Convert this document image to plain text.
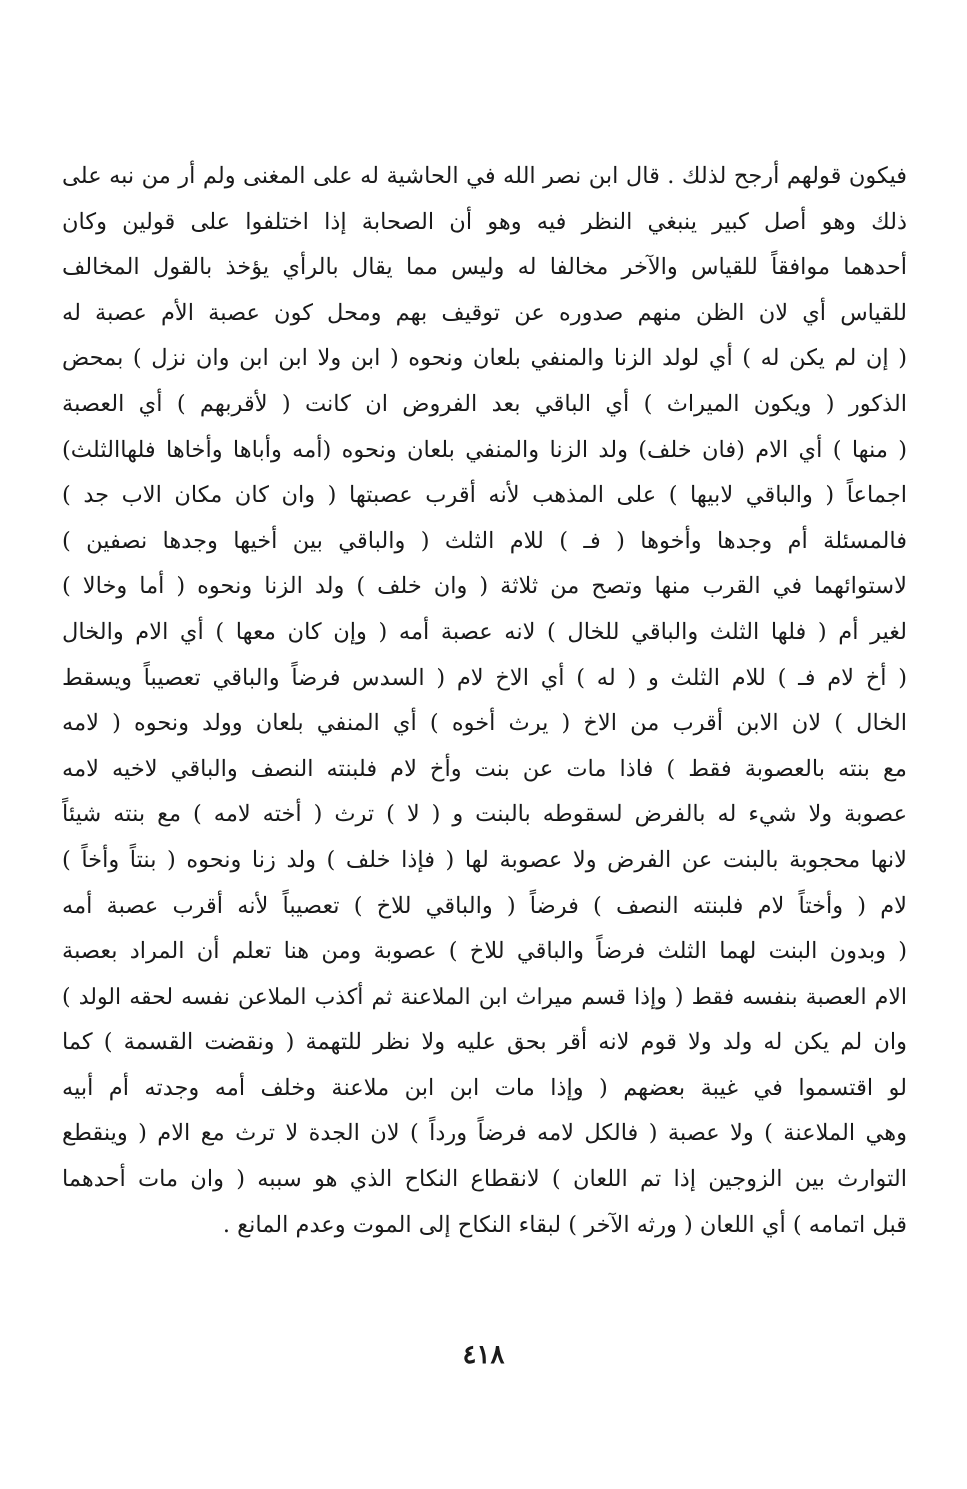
فيكون قولهم أرجح لذلك . قال ابن نصر الله في الحاشية له على المغنى ولم أر من نبه على
ذلك وهو أصل كبير ينبغي النظر فيه وهو أن الصحابة إذا اختلفوا على قولين وكان
أحدهما موافقاً للقياس والآخر مخالفا له وليس مما يقال بالرأي يؤخذ بالقول المخالف
للقياس أي لان الظن منهم صدوره عن توقيف بهم ومحل كون عصبة الأم عصبة له
( إن لم يكن له ) أي لولد الزنا والمنفي بلعان ونحوه ( ابن ولا ابن ابن وان نزل ) بمحض
الذكور ( ويكون الميراث ) أي الباقي بعد الفروض ان كانت ( لأقربهم ) أي العصبة
( منها ) أي الام (فان خلف) ولد الزنا والمنفي بلعان ونحوه (أمه وأباها وأخاها فلهاالثلث)
اجماعاً ( والباقي لابيها ) على المذهب لأنه أقرب عصبتها ( وان كان مكان الاب جد )
فالمسئلة أم وجدها وأخوها ( فـ ) للام الثلث ( والباقي بين أخيها وجدها نصفين )
لاستوائهما في القرب منها وتصح من ثلاثة ( وان خلف ) ولد الزنا ونحوه ( أما وخالا )
لغير أم ( فلها الثلث والباقي للخال ) لانه عصبة أمه ( وإن كان معها ) أي الام والخال
( أخ لام فـ ) للام الثلث و ( له ) أي الاخ لام ( السدس فرضاً والباقي تعصيباً ويسقط
الخال ) لان الابن أقرب من الاخ ( يرث أخوه ) أي المنفي بلعان وولد ونحوه ( لامه
مع بنته بالعصوبة فقط ) فاذا مات عن بنت وأخ لام فلبنته النصف والباقي لاخيه لامه
عصوبة ولا شيء له بالفرض لسقوطه بالبنت و ( لا ) ترث ( أخته لامه ) مع بنته شيئاً
لانها محجوبة بالبنت عن الفرض ولا عصوبة لها ( فإذا خلف ) ولد زنا ونحوه ( بنتاً وأخاً )
لام ( وأختاً لام فلبنته النصف ) فرضاً ( والباقي للاخ ) تعصيباً لأنه أقرب عصبة أمه
( وبدون البنت لهما الثلث فرضاً والباقي للاخ ) عصوبة ومن هنا تعلم أن المراد بعصبة
الام العصبة بنفسه فقط ( وإذا قسم ميراث ابن الملاعنة ثم أكذب الملاعن نفسه لحقه الولد )
وان لم يكن له ولد ولا قوم لانه أقر بحق عليه ولا نظر للتهمة ( ونقضت القسمة ) كما
لو اقتسموا في غيبة بعضهم ( وإذا مات ابن ابن ملاعنة وخلف أمه وجدته أم أبيه
وهي الملاعنة ) ولا عصبة ( فالكل لامه فرضاً ورداً ) لان الجدة لا ترث مع الام ( وينقطع
التوارث بين الزوجين إذا تم اللعان ) لانقطاع النكاح الذي هو سببه ( وان مات أحدهما
قبل اتمامه ) أي اللعان ( ورثه الآخر ) لبقاء النكاح إلى الموت وعدم المانع .
٤١٨
